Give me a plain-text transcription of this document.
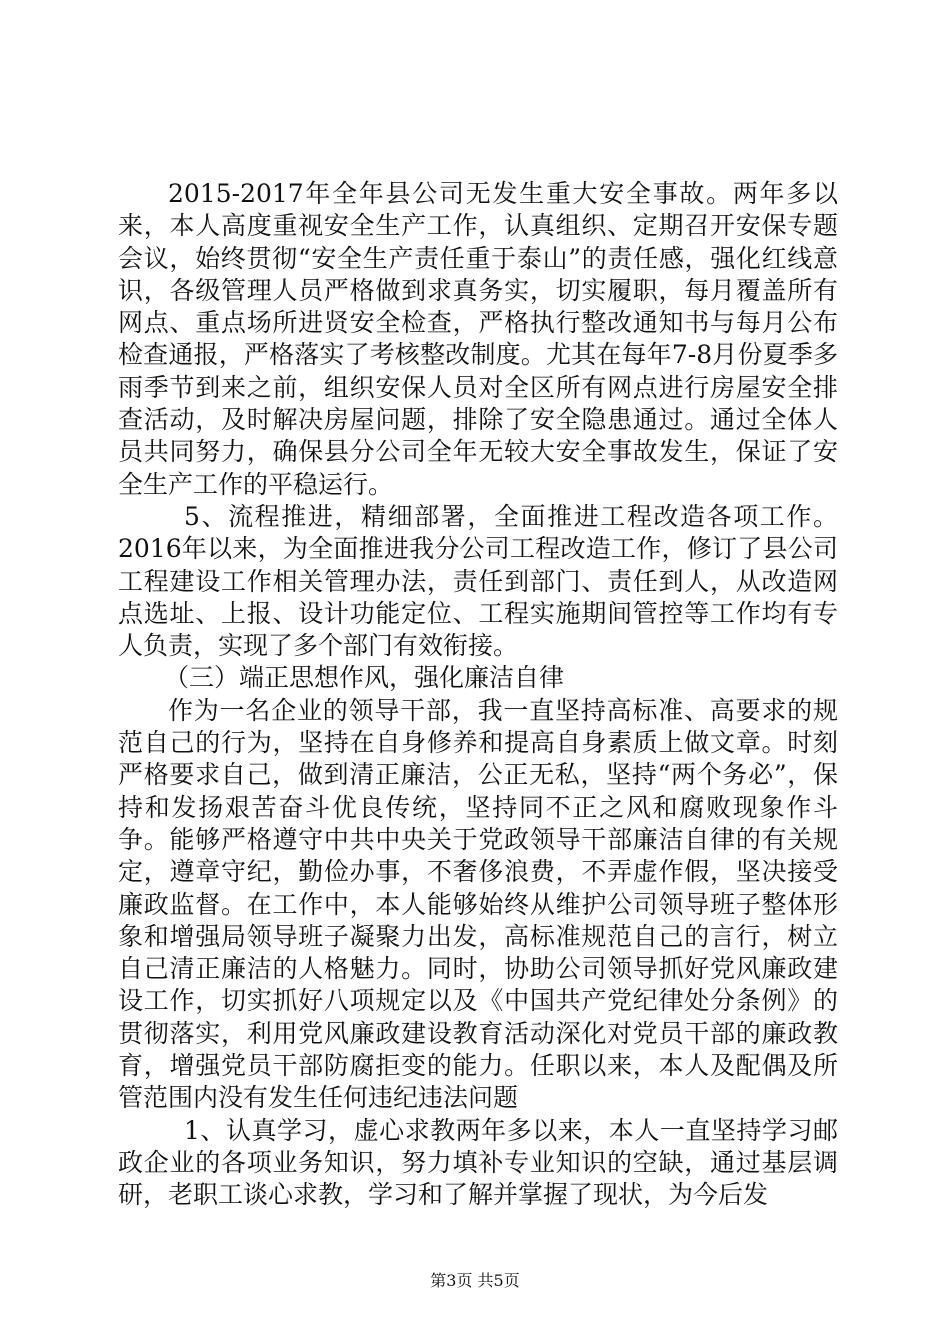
2015-2017年全年县公司无发生重大安全事故。两年多以来，本人高度重视安全生产工作，认真组织、定期召开安保专题会议，始终贯彻“安全生产责任重于泰山”的责任感，强化红线意识，各级管理人员严格做到求真务实，切实履职，每月覆盖所有网点、重点场所进贤安全检查，严格执行整改通知书与每月公布检查通报，严格落实了考核整改制度。尤其在每年7-8月份夏季多雨季节到来之前，组织安保人员对全区所有网点进行房屋安全排查活动，及时解决房屋问题，排除了安全隐患通过。通过全体人员共同努力，确保县分公司全年无较大安全事故发生，保证了安全生产工作的平稳运行。

5、流程推进，精细部署，全面推进工程改造各项工作。2016年以来，为全面推进我分公司工程改造工作，修订了县公司工程建设工作相关管理办法，责任到部门、责任到人，从改造网点选址、上报、设计功能定位、工程实施期间管控等工作均有专人负责，实现了多个部门有效衔接。

（三）端正思想作风，强化廉洁自律

作为一名企业的领导干部，我一直坚持高标准、高要求的规范自己的行为，坚持在自身修养和提高自身素质上做文章。时刻严格要求自己，做到清正廉洁，公正无私，坚持“两个务必”，保持和发扬艰苦奋斗优良传统，坚持同不正之风和腐败现象作斗争。能够严格遵守中共中央关于党政领导干部廉洁自律的有关规定，遵章守纪，勤俭办事，不奢侈浪费，不弄虚作假，坚决接受廉政监督。在工作中，本人能够始终从维护公司领导班子整体形象和增强局领导班子凝聚力出发，高标准规范自己的言行，树立自己清正廉洁的人格魅力。同时，协助公司领导抓好党风廉政建设工作，切实抓好八项规定以及《中国共产党纪律处分条例》的贯彻落实，利用党风廉政建设教育活动深化对党员干部的廉政教育，增强党员干部防腐拒变的能力。任职以来，本人及配偶及所管范围内没有发生任何违纪违法问题

1、认真学习，虚心求教两年多以来，本人一直坚持学习邮政企业的各项业务知识，努力填补专业知识的空缺，通过基层调研，老职工谈心求教，学习和了解并掌握了现状，为今后发

第3页 共5页
